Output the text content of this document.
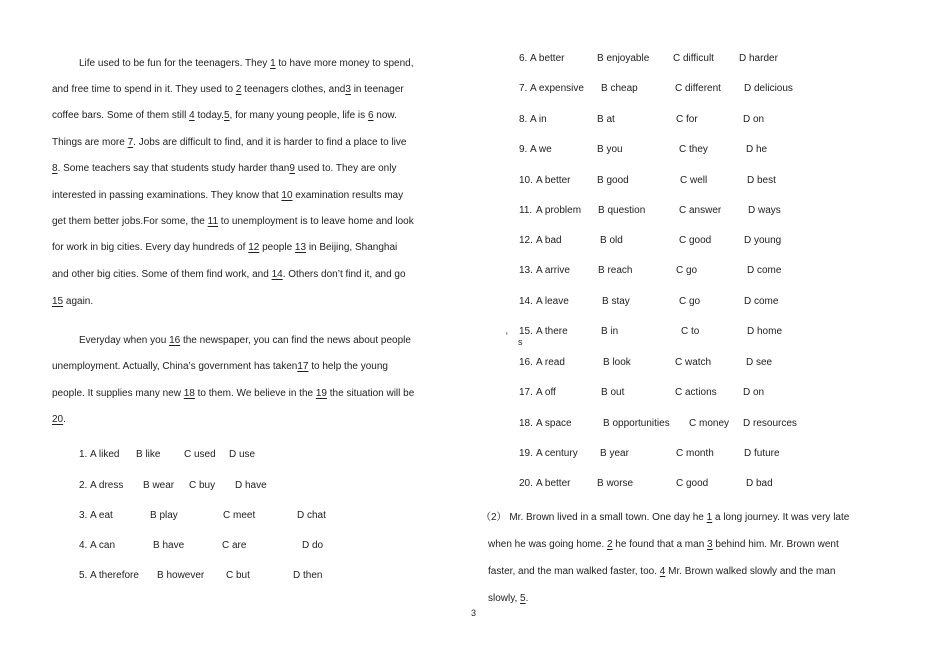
Life used to be fun for the teenagers. They 1 to have more money to spend,
and free time to spend in it. They used to 2 teenagers clothes, and3 in teenager
coffee bars. Some of them still 4 today.5, for many young people, life is 6 now.
Things are more 7. Jobs are difficult to find, and it is harder to find a place to live
8. Some teachers say that students study harder than9 used to. They are only
interested in passing examinations. They know that 10 examination results may
get them better jobs.For some, the 11 to unemployment is to leave home and look
for work in big cities. Every day hundreds of 12 people 13 in Beijing, Shanghai
and other big cities. Some of them find work, and 14. Others don’t find it, and go
15 again.
Everyday when you 16 the newspaper, you can find the news about people
unemployment. Actually, China’s government has taken17 to help the young
people. It supplies many new 18 to them. We believe in the 19 the situation will be
20.
1. A liked B like C used D use
2. A dress B wear C buy D have
3. A eat	B play	C meet	D chat
4. A can	B have	C are	D do
5. A therefore B however C but	D then
6. A better	B enjoyable C difficult	D harder
7. A expensive B cheap	C different D delicious
8. A in	B at	C for	D on
9. A we	B you	C they	D he
10. A better	B good	C well	D best
11. A problem B question	C answer	D ways
12. A bad	B old	C good	D young
13. A arrive	B reach	C go	D come
14. A leave	B stay	C go	D come
15. A there	B in	C to	D home
16. A read	B look	C watch	D see
17. A off	B out	C actions	D on
18. A space	B opportunities C money D resources
19. A century B year	C month	D future
20. A better	B worse	C good	D bad
（2） Mr. Brown lived in a small town. One day he 1 a long journey. It was very late
when he was going home. 2 he found that a man 3 behind him. Mr. Brown went
faster, and the man walked faster, too. 4 Mr. Brown walked slowly and the man
slowly, 5.
'
s
3
